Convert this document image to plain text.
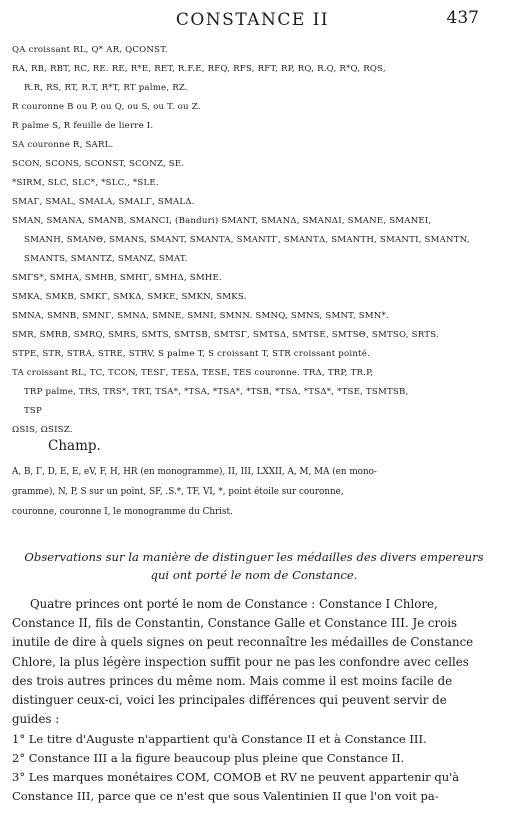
CONSTANCE II	437
QA croissant RL, Q* AR, QCONST.
RA, RB, RBT, RC, RE. RE, R*E, RET, R.F.E, RFQ, RFS, RFT, RP, RQ, R.Q, R*Q, RQS,
R.R, RS, RT, R.T, R*T, RT palme, RZ.
R couronne B ou P, ou Q, ou S, ou T. ou Z.
R palme S, R feuille de lierre I.
SA couronne R, SARL.
SCON, SCONS, SCONST, SCONZ, SE.
*SIRM, SLC, SLC*, *SLC., *SLE.
SMAΓ, SMAL, SMALA, SMALΓ, SMALΔ.
SMAN, SMANA, SMANB, SMANCI, (Banduri) SMANT, SMANΔ, SMANΔI, SMANE, SMANEI,
SMANH, SMANΘ, SMANS, SMANT, SMANTA, SMANTΓ, SMANTΔ, SMANTH, SMANTI, SMANTN,
SMANTS, SMANTZ, SMANZ, SMAT.
SMΓS*, SMHA, SMHB, SMHΓ, SMHΔ, SMHE.
SMKA, SMKB, SMKΓ, SMKΔ, SMKE, SMKN, SMKS.
SMNA, SMNB, SMNΓ, SMNΔ, SMNE, SMNI, SMNN. SMNQ, SMNS, SMNT, SMN*.
SMR, SMRB, SMRQ, SMRS, SMTS, SMTSB, SMTSΓ, SMTSΔ, SMTSE, SMTSΘ, SMTSO, SRTS.
STPE, STR, STRA, STRE, STRV, S palme T, S croissant T, STR croissant pointé.
TA croissant RL, TC, TCON, TESΓ, TESΔ, TESE, TES couronne. TRΔ, TRP, TR.P,
TRP palme, TRS, TRS*, TRT, TSA*, *TSA, *TSA*, *TSB, *TSΔ, *TSΔ*, *TSE, TSMTSB,
TSP
ΩSIS, ΩSISZ.
Champ.
A, B, Γ, D, E, E, eV, F, H, HR (en monogramme), II, III, LXXII, A, M, MA (en mono-
gramme), N, P, S sur un point, SF, .S.*, TF, VI, *, point étoile sur couronne,
couronne, couronne I, le monogramme du Christ.
Observations sur la manière de distinguer les médailles des divers empereurs
qui ont porté le nom de Constance.
Quatre princes ont porté le nom de Constance : Constance I Chlore,
Constance II, fils de Constantin, Constance Galle et Constance III. Je crois
inutile de dire à quels signes on peut reconnaître les médailles de Constance
Chlore, la plus légère inspection suffit pour ne pas les confondre avec celles
des trois autres princes du même nom. Mais comme il est moins facile de
distinguer ceux-ci, voici les principales différences qui peuvent servir de
guides :
1° Le titre d'Auguste n'appartient qu'à Constance II et à Constance III.
2° Constance III a la figure beaucoup plus pleine que Constance II.
3° Les marques monétaires COM, COMOB et RV ne peuvent appartenir qu'à
Constance III, parce que ce n'est que sous Valentinien II que l'on voit pa-
